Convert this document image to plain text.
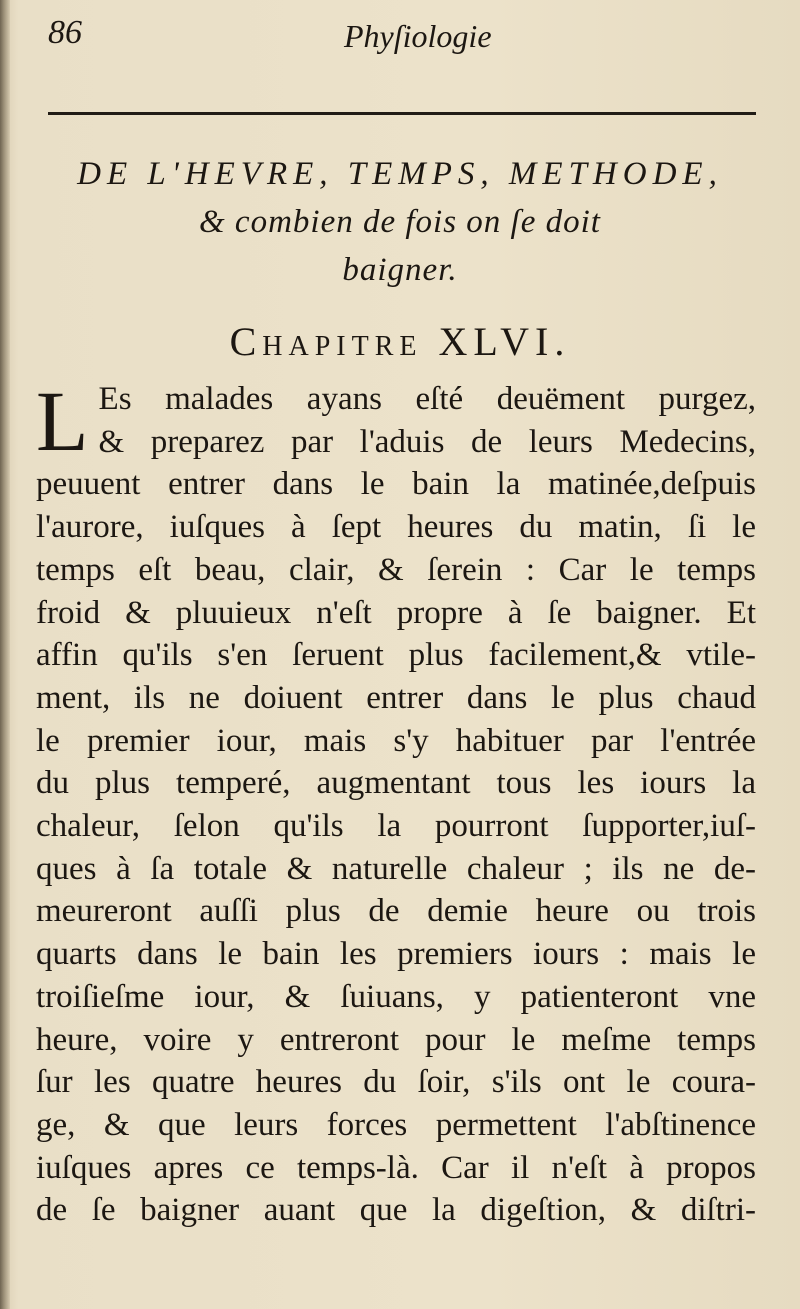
86	Phyſiologie
DE L'HEVRE, TEMPS, METHODE,
& combien de fois on ſe doit
baigner.
Chapitre XLVI.
L Es malades ayans eſté deuëment purgez,
& preparez par l'aduis de leurs Medecins,
peuuent entrer dans le bain la matinée,deſpuis
l'aurore, iuſques à ſept heures du matin, ſi le
temps eſt beau, clair, & ſerein : Car le temps
froid & pluuieux n'eſt propre à ſe baigner. Et
affin qu'ils s'en ſeruent plus facilement,& vtile-
ment, ils ne doiuent entrer dans le plus chaud
le premier iour, mais s'y habituer par l'entrée
du plus temperé, augmentant tous les iours la
chaleur, ſelon qu'ils la pourront ſupporter,iuſ-
ques à ſa totale & naturelle chaleur ; ils ne de-
meureront auſſi plus de demie heure ou trois
quarts dans le bain les premiers iours : mais le
troiſieſme iour, & ſuiuans, y patienteront vne
heure, voire y entreront pour le meſme temps
ſur les quatre heures du ſoir, s'ils ont le coura-
ge, & que leurs forces permettent l'abſtinence
iuſques apres ce temps-là. Car il n'eſt à propos
de ſe baigner auant que la digeſtion, & diſtri-
